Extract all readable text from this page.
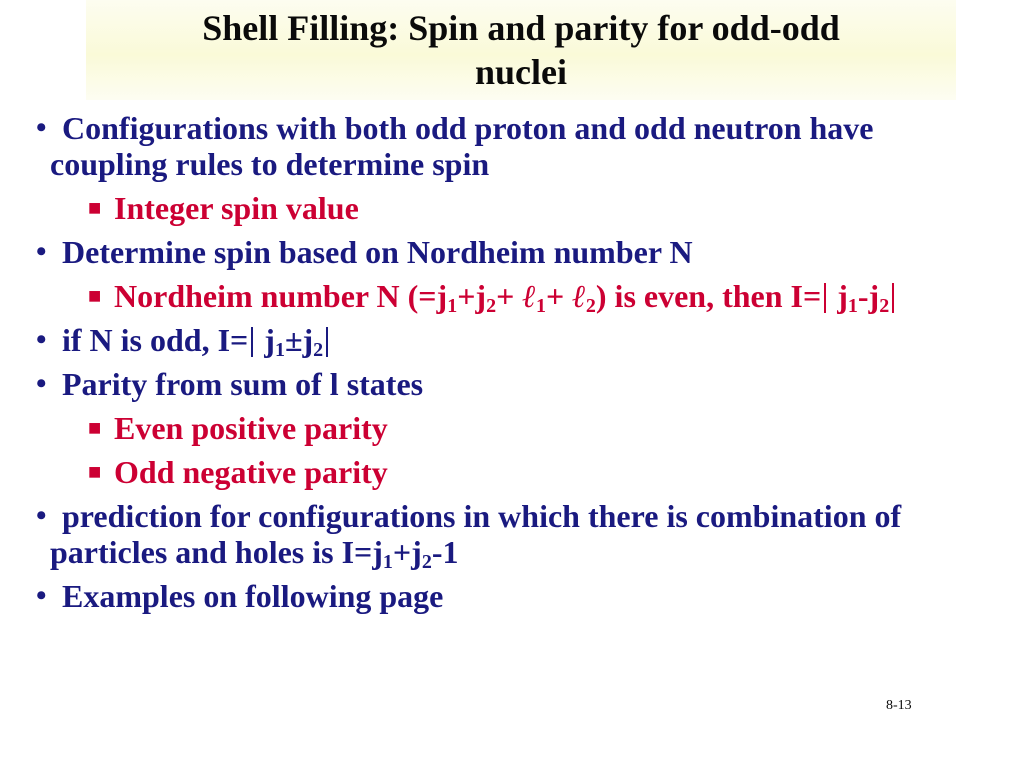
Shell Filling: Spin and parity for odd-odd
nuclei
• Configurations with both odd proton and odd neutron have coupling rules to determine spin
■ Integer spin value
• Determine spin based on Nordheim number N
■ Nordheim number N ($=j_1+j_2+$ ℓ$_1$+ ℓ$_2$) is even, then $I= j_1-j_2$
• if N is odd, $I= j_1\pm j_2$
• Parity from sum of l states
■ Even positive parity
■ Odd negative parity
• prediction for configurations in which there is combination of particles and holes is $I=j_1+j_2-1$
• Examples on following page
8-13
